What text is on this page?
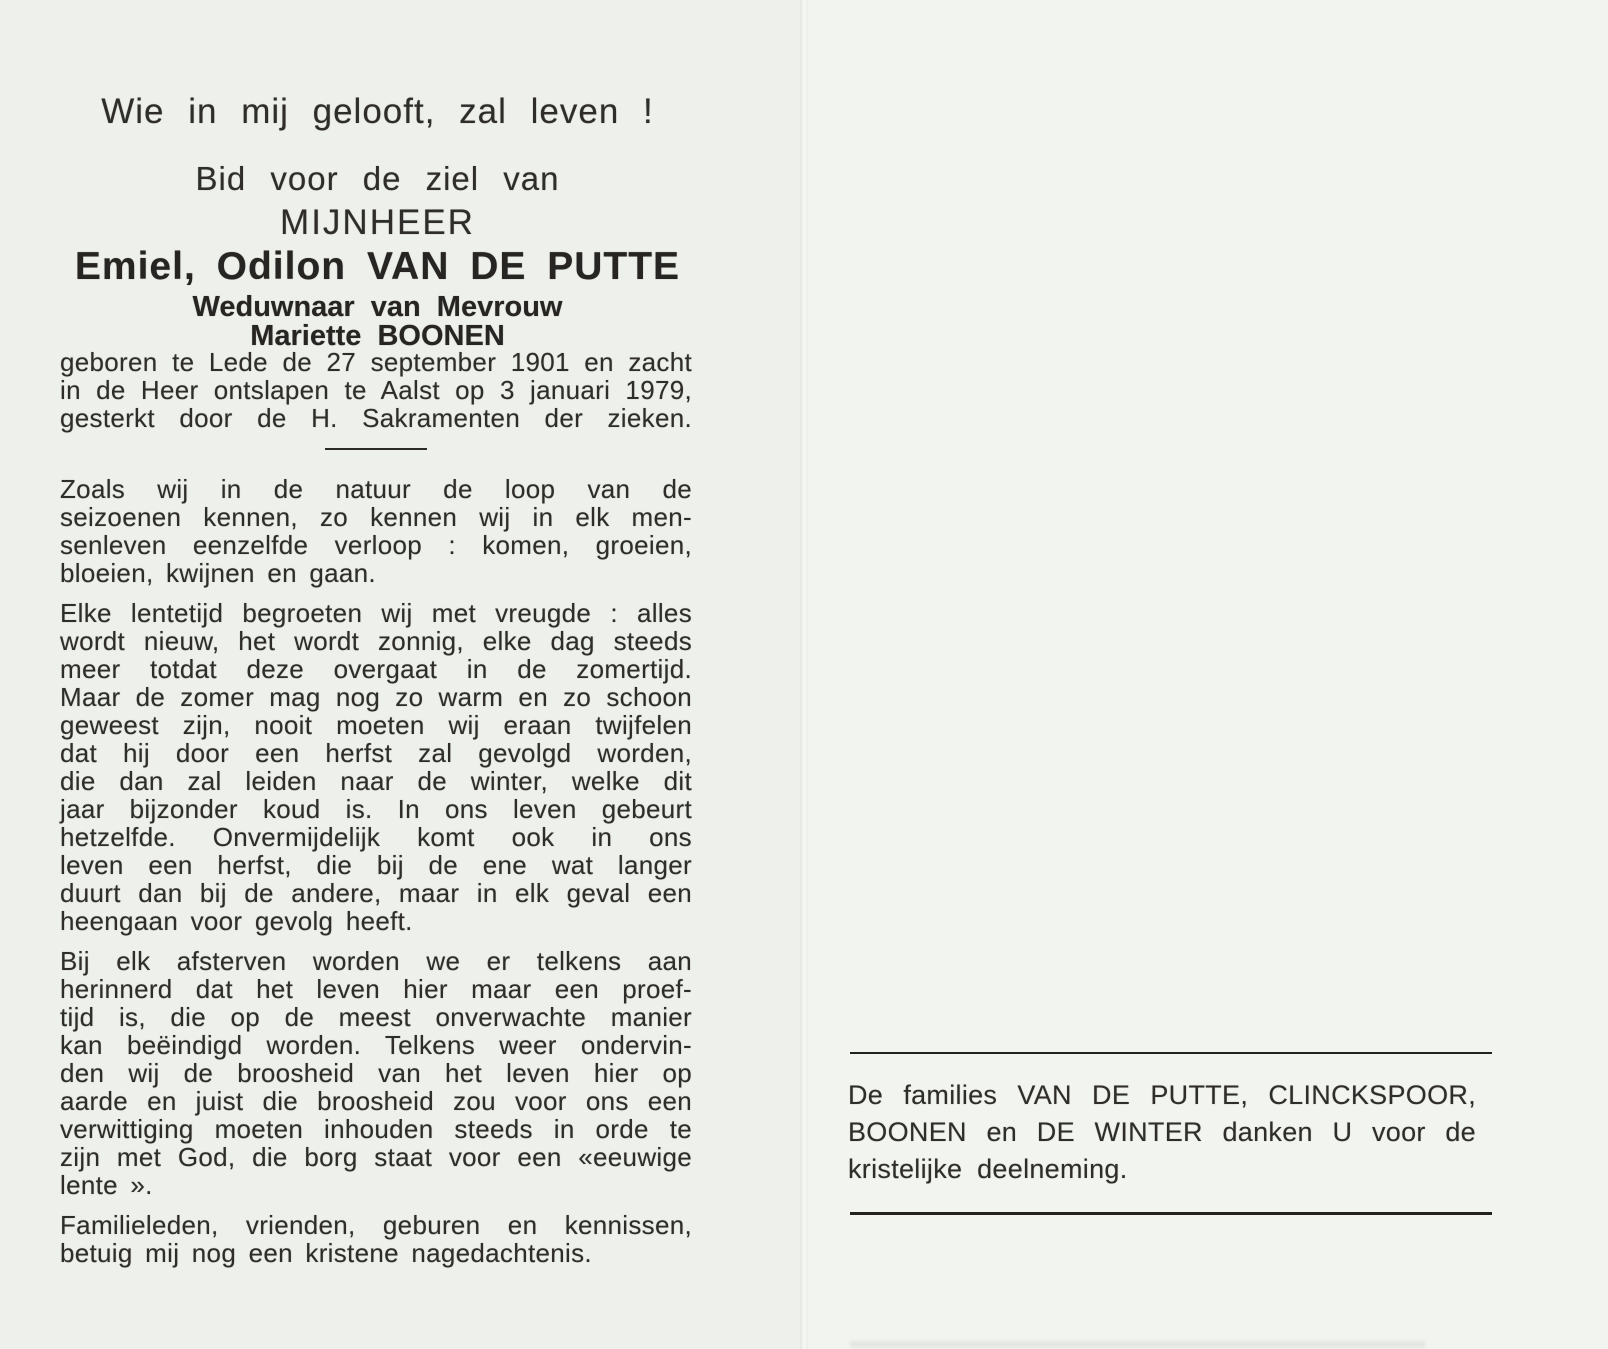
Wie in mij gelooft, zal leven !
Bid voor de ziel van
MIJNHEER
Emiel, Odilon VAN DE PUTTE
Weduwnaar van Mevrouw
Mariette BOONEN
geboren te Lede de 27 september 1901 en zacht
in de Heer ontslapen te Aalst op 3 januari 1979,
gesterkt door de H. Sakramenten der zieken.
Zoals wij in de natuur de loop van de
seizoenen kennen, zo kennen wij in elk men-
senleven eenzelfde verloop : komen, groeien,
bloeien, kwijnen en gaan.
Elke lentetijd begroeten wij met vreugde : alles
wordt nieuw, het wordt zonnig, elke dag steeds
meer totdat deze overgaat in de zomertijd.
Maar de zomer mag nog zo warm en zo schoon
geweest zijn, nooit moeten wij eraan twijfelen
dat hij door een herfst zal gevolgd worden,
die dan zal leiden naar de winter, welke dit
jaar bijzonder koud is. In ons leven gebeurt
hetzelfde. Onvermijdelijk komt ook in ons
leven een herfst, die bij de ene wat langer
duurt dan bij de andere, maar in elk geval een
heengaan voor gevolg heeft.
Bij elk afsterven worden we er telkens aan
herinnerd dat het leven hier maar een proef-
tijd is, die op de meest onverwachte manier
kan beëindigd worden. Telkens weer ondervin-
den wij de broosheid van het leven hier op
aarde en juist die broosheid zou voor ons een
verwittiging moeten inhouden steeds in orde te
zijn met God, die borg staat voor een «eeuwige
lente ».
Familieleden, vrienden, geburen en kennissen,
betuig mij nog een kristene nagedachtenis.
De families VAN DE PUTTE, CLINCKSPOOR,
BOONEN en DE WINTER danken U voor de
kristelijke deelneming.
